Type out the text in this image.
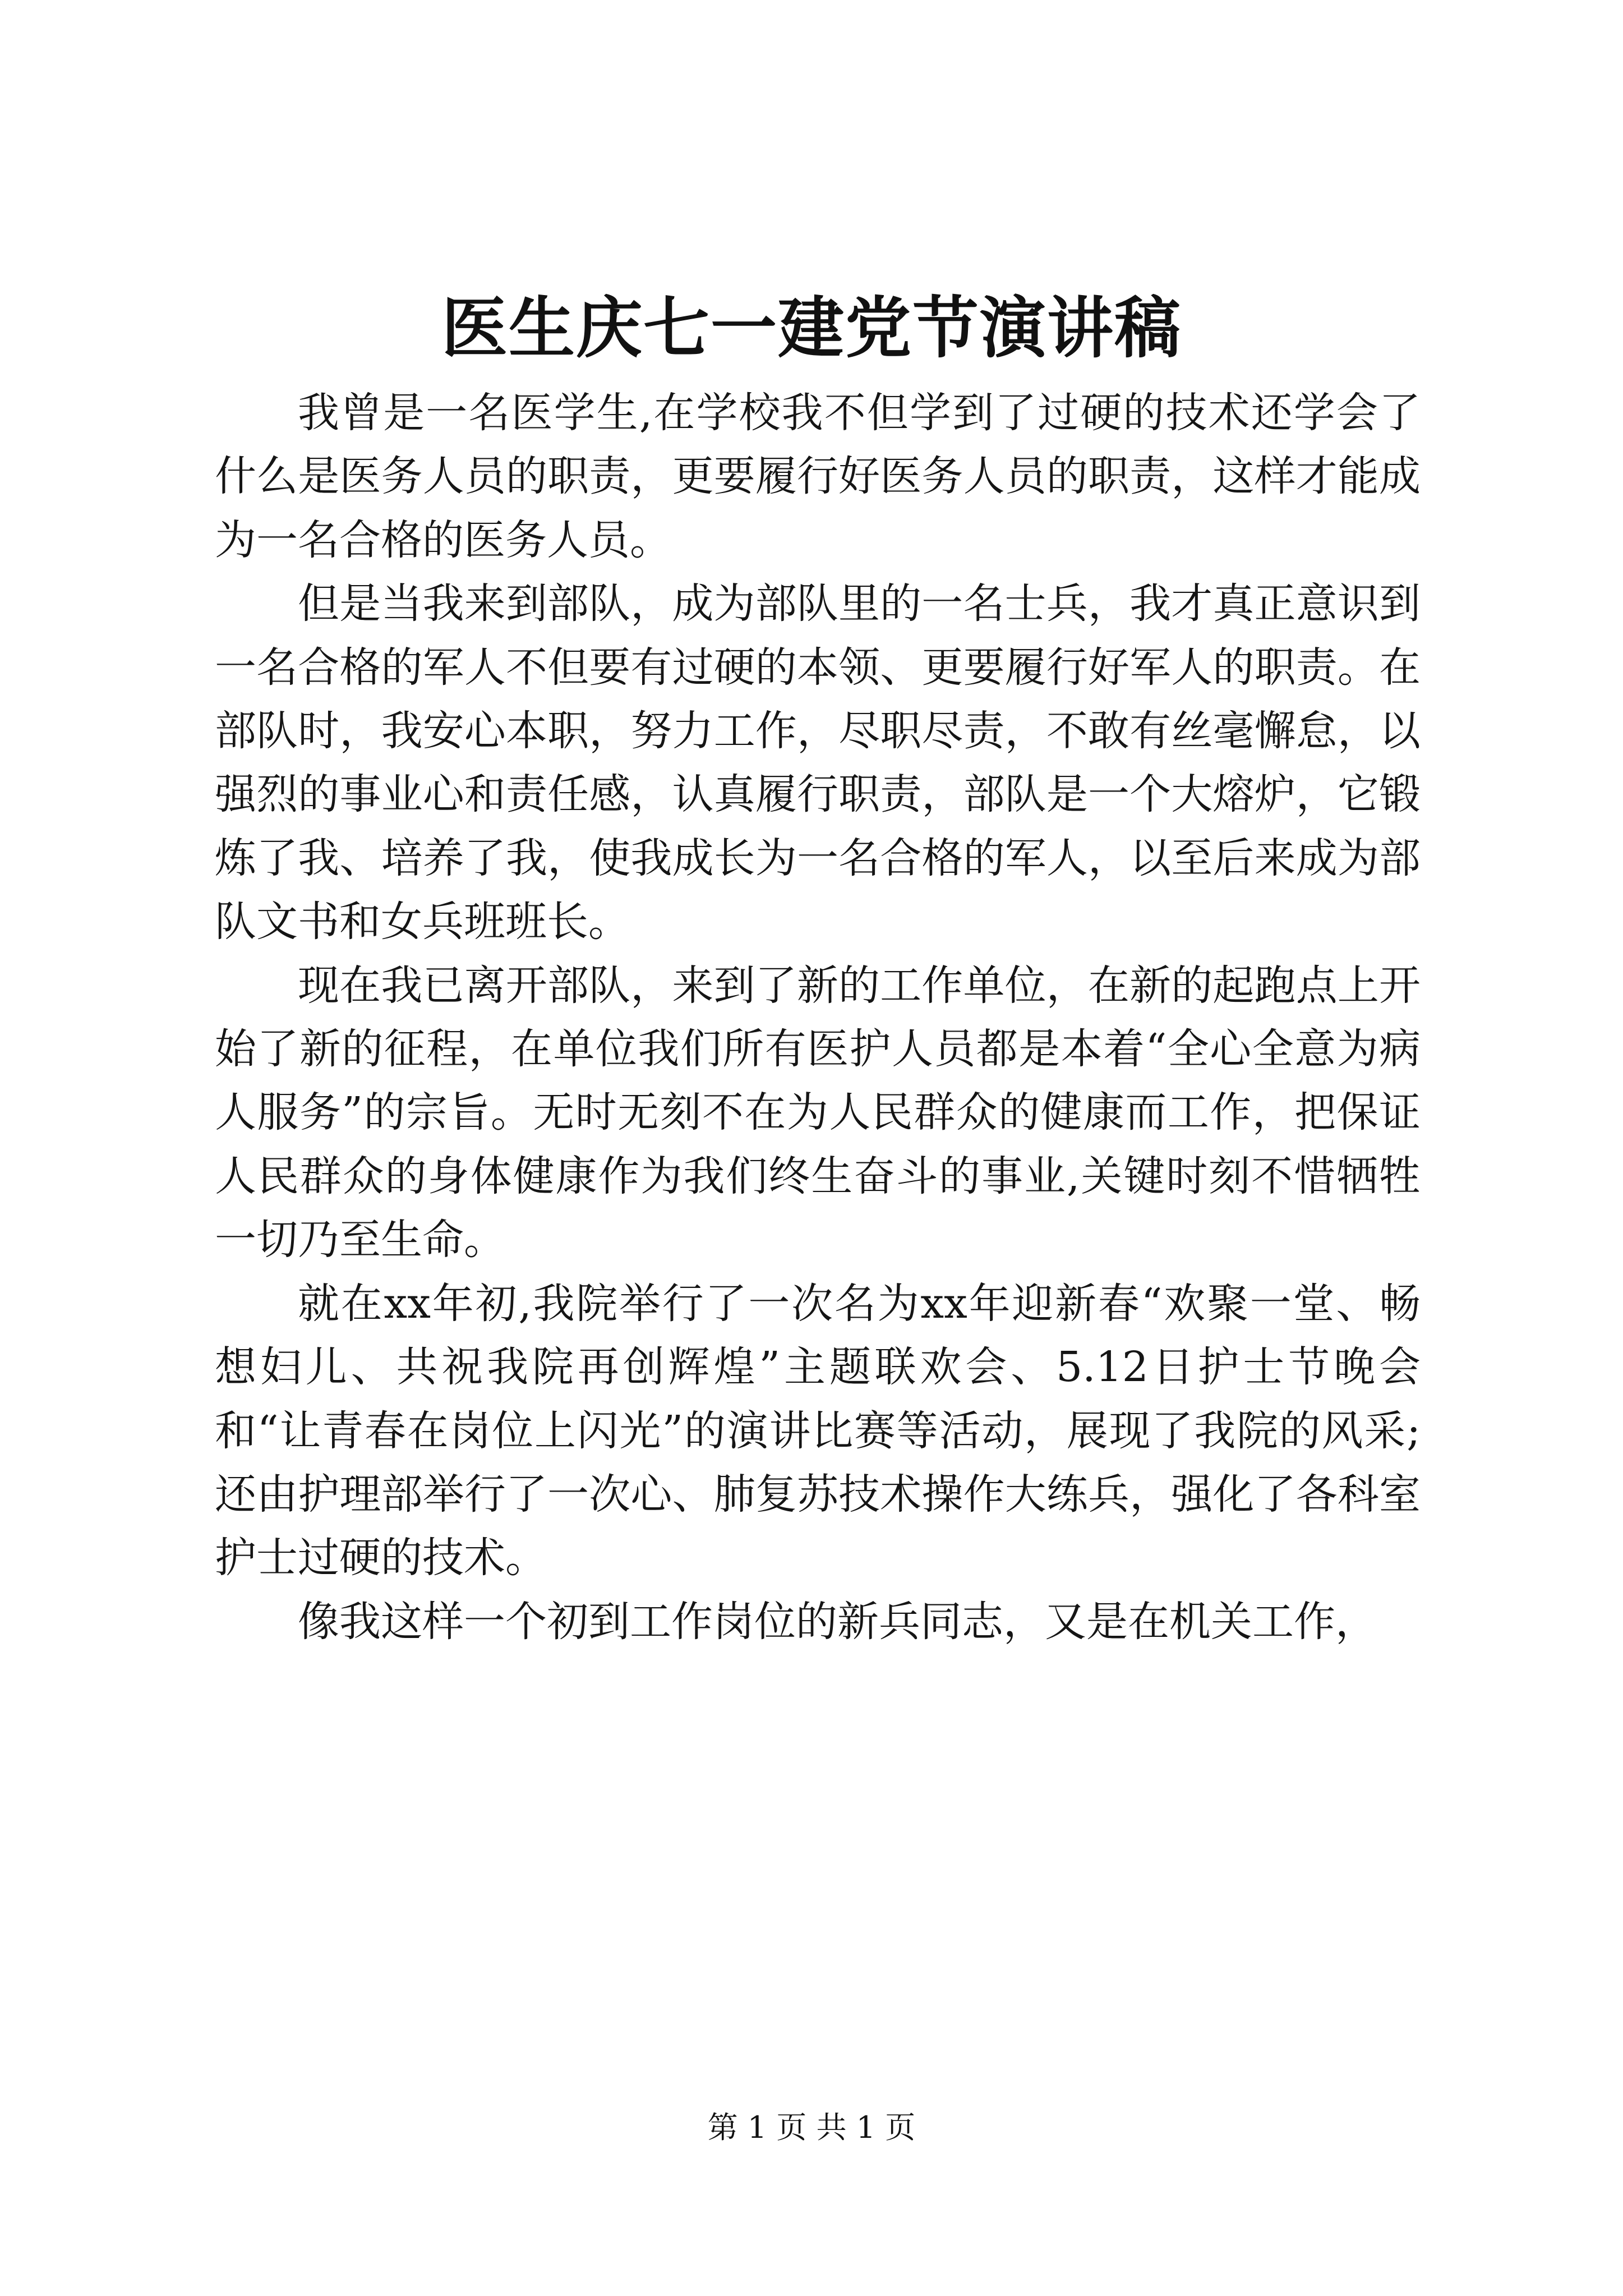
医生庆七一建党节演讲稿

我曾是一名医学生,在学校我不但学到了过硬的技术还学会了什么是医务人员的职责，更要履行好医务人员的职责，这样才能成为一名合格的医务人员。

但是当我来到部队，成为部队里的一名士兵，我才真正意识到一名合格的军人不但要有过硬的本领、更要履行好军人的职责。在部队时，我安心本职，努力工作，尽职尽责，不敢有丝毫懈怠，以强烈的事业心和责任感，认真履行职责，部队是一个大熔炉，它锻炼了我、培养了我，使我成长为一名合格的军人，以至后来成为部队文书和女兵班班长。

现在我已离开部队，来到了新的工作单位，在新的起跑点上开始了新的征程，在单位我们所有医护人员都是本着“全心全意为病人服务”的宗旨。无时无刻不在为人民群众的健康而工作，把保证人民群众的身体健康作为我们终生奋斗的事业,关键时刻不惜牺牲一切乃至生命。

就在xx年初,我院举行了一次名为xx年迎新春“欢聚一堂、畅想妇儿、共祝我院再创辉煌”主题联欢会、5.12日护士节晚会和“让青春在岗位上闪光”的演讲比赛等活动，展现了我院的风采;还由护理部举行了一次心、肺复苏技术操作大练兵，强化了各科室护士过硬的技术。

像我这样一个初到工作岗位的新兵同志，又是在机关工作，

第 1 页 共 1 页
